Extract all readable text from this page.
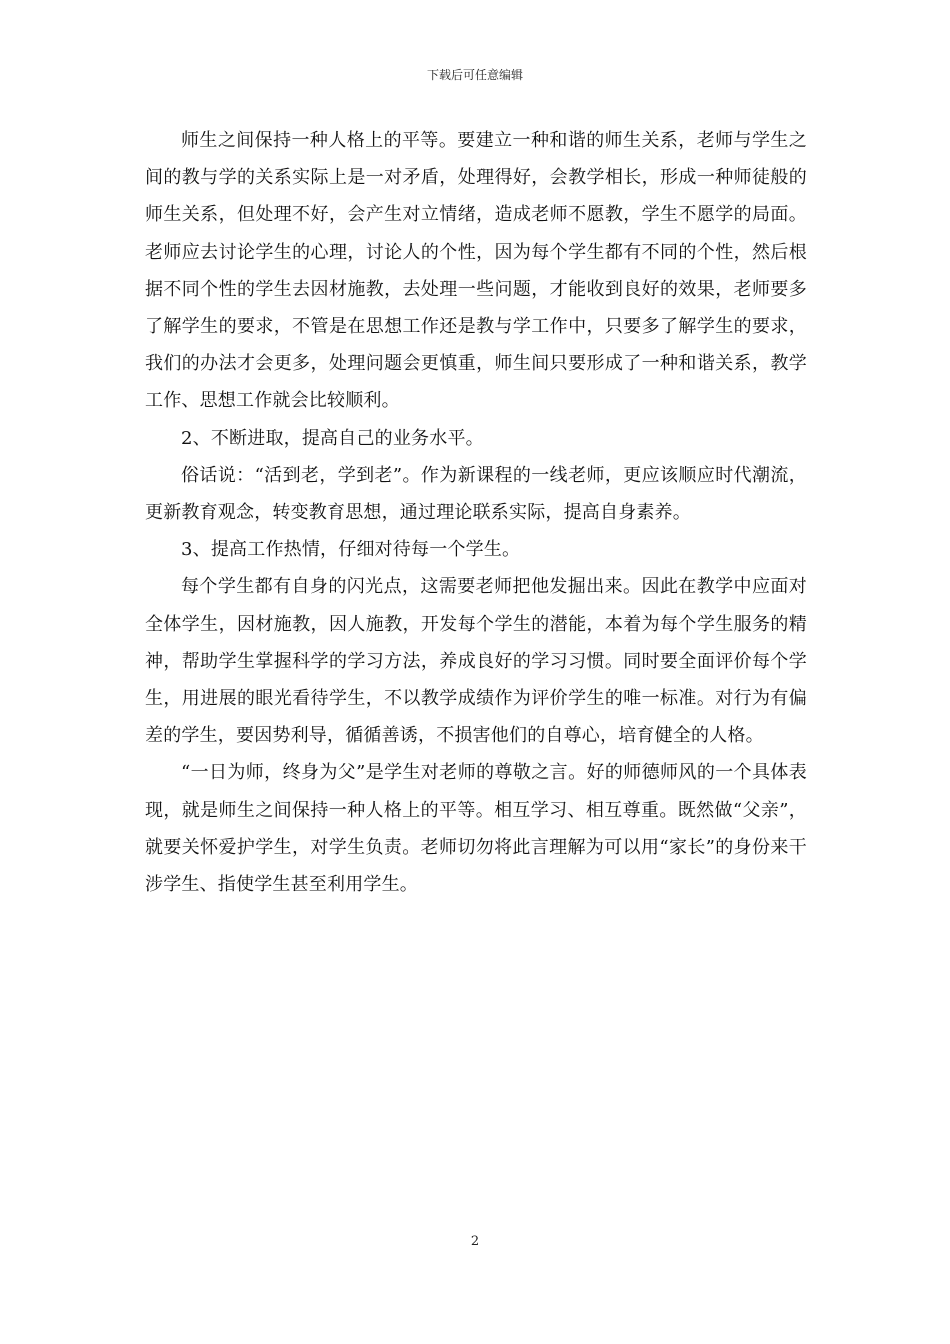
下载后可任意编辑

师生之间保持一种人格上的平等。要建立一种和谐的师生关系，老师与学生之间的教与学的关系实际上是一对矛盾，处理得好，会教学相长，形成一种师徒般的师生关系，但处理不好，会产生对立情绪，造成老师不愿教，学生不愿学的局面。老师应去讨论学生的心理，讨论人的个性，因为每个学生都有不同的个性，然后根据不同个性的学生去因材施教，去处理一些问题，才能收到良好的效果，老师要多了解学生的要求，不管是在思想工作还是教与学工作中，只要多了解学生的要求，我们的办法才会更多，处理问题会更慎重，师生间只要形成了一种和谐关系，教学工作、思想工作就会比较顺利。

2、不断进取，提高自己的业务水平。

俗话说：“活到老，学到老”。作为新课程的一线老师，更应该顺应时代潮流，更新教育观念，转变教育思想，通过理论联系实际，提高自身素养。

3、提高工作热情，仔细对待每一个学生。

每个学生都有自身的闪光点，这需要老师把他发掘出来。因此在教学中应面对全体学生，因材施教，因人施教，开发每个学生的潜能，本着为每个学生服务的精神，帮助学生掌握科学的学习方法，养成良好的学习习惯。同时要全面评价每个学生，用进展的眼光看待学生，不以教学成绩作为评价学生的唯一标准。对行为有偏差的学生，要因势利导，循循善诱，不损害他们的自尊心，培育健全的人格。

“一日为师，终身为父”是学生对老师的尊敬之言。好的师德师风的一个具体表现，就是师生之间保持一种人格上的平等。相互学习、相互尊重。既然做“父亲”，就要关怀爱护学生，对学生负责。老师切勿将此言理解为可以用“家长”的身份来干涉学生、指使学生甚至利用学生。

2
